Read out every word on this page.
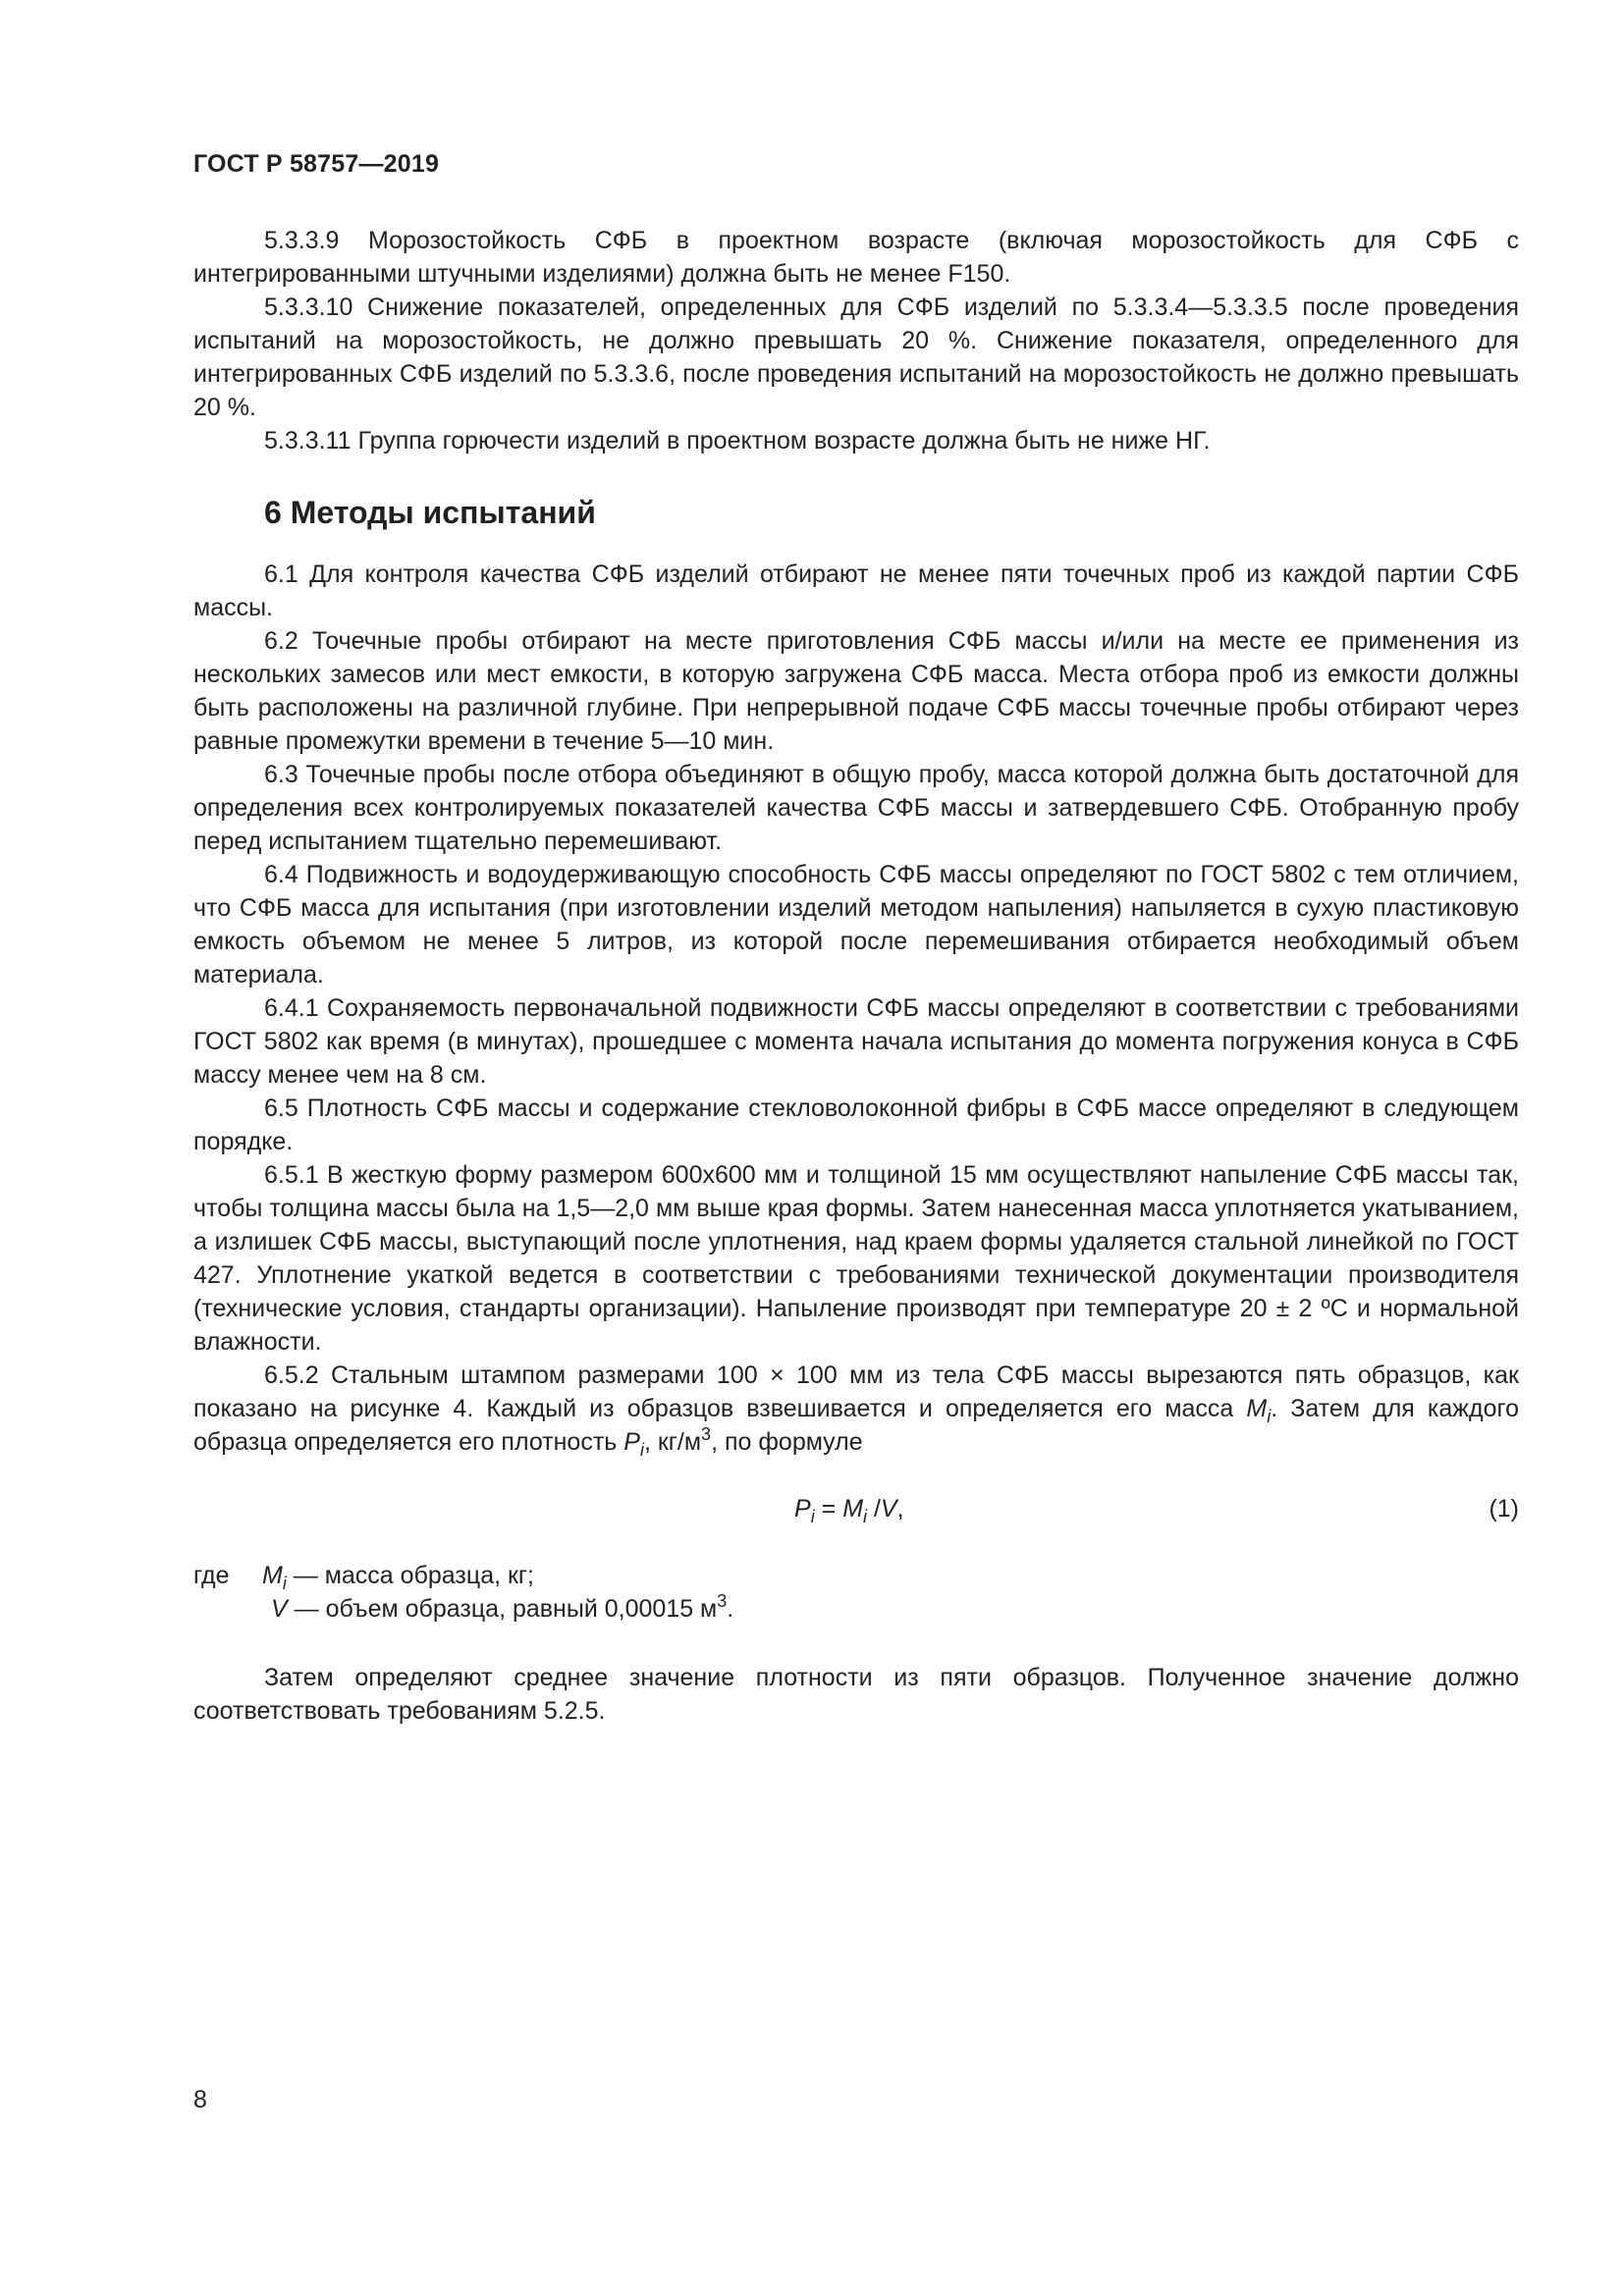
ГОСТ Р 58757—2019

5.3.3.9 Морозостойкость СФБ в проектном возрасте (включая морозостойкость для СФБ с интегрированными штучными изделиями) должна быть не менее F150.

5.3.3.10 Снижение показателей, определенных для СФБ изделий по 5.3.3.4—5.3.3.5 после проведения испытаний на морозостойкость, не должно превышать 20 %. Снижение показателя, определенного для интегрированных СФБ изделий по 5.3.3.6, после проведения испытаний на морозостойкость не должно превышать 20 %.

5.3.3.11 Группа горючести изделий в проектном возрасте должна быть не ниже НГ.

6 Методы испытаний

6.1 Для контроля качества СФБ изделий отбирают не менее пяти точечных проб из каждой партии СФБ массы.

6.2 Точечные пробы отбирают на месте приготовления СФБ массы и/или на месте ее применения из нескольких замесов или мест емкости, в которую загружена СФБ масса. Места отбора проб из емкости должны быть расположены на различной глубине. При непрерывной подаче СФБ массы точечные пробы отбирают через равные промежутки времени в течение 5—10 мин.

6.3 Точечные пробы после отбора объединяют в общую пробу, масса которой должна быть достаточной для определения всех контролируемых показателей качества СФБ массы и затвердевшего СФБ. Отобранную пробу перед испытанием тщательно перемешивают.

6.4 Подвижность и водоудерживающую способность СФБ массы определяют по ГОСТ 5802 с тем отличием, что СФБ масса для испытания (при изготовлении изделий методом напыления) напыляется в сухую пластиковую емкость объемом не менее 5 литров, из которой после перемешивания отбирается необходимый объем материала.

6.4.1 Сохраняемость первоначальной подвижности СФБ массы определяют в соответствии с требованиями ГОСТ 5802 как время (в минутах), прошедшее с момента начала испытания до момента погружения конуса в СФБ массу менее чем на 8 см.

6.5 Плотность СФБ массы и содержание стекловолоконной фибры в СФБ массе определяют в следующем порядке.

6.5.1 В жесткую форму размером 600х600 мм и толщиной 15 мм осуществляют напыление СФБ массы так, чтобы толщина массы была на 1,5—2,0 мм выше края формы. Затем нанесенная масса уплотняется укатыванием, а излишек СФБ массы, выступающий после уплотнения, над краем формы удаляется стальной линейкой по ГОСТ 427. Уплотнение укаткой ведется в соответствии с требованиями технической документации производителя (технические условия, стандарты организации). Напыление производят при температуре 20 ± 2 ºС и нормальной влажности.

6.5.2 Стальным штампом размерами 100 × 100 мм из тела СФБ массы вырезаются пять образцов, как показано на рисунке 4. Каждый из образцов взвешивается и определяется его масса $M_i$. Затем для каждого образца определяется его плотность $P_i$, $кг/м^3$, по формуле

$P_i = M_i$ /V,	(1)
где $M_i$ — масса образца, кг;
V — объем образца, равный 0,00015 $м^3$.

Затем определяют среднее значение плотности из пяти образцов. Полученное значение должно соответствовать требованиям 5.2.5.

8
